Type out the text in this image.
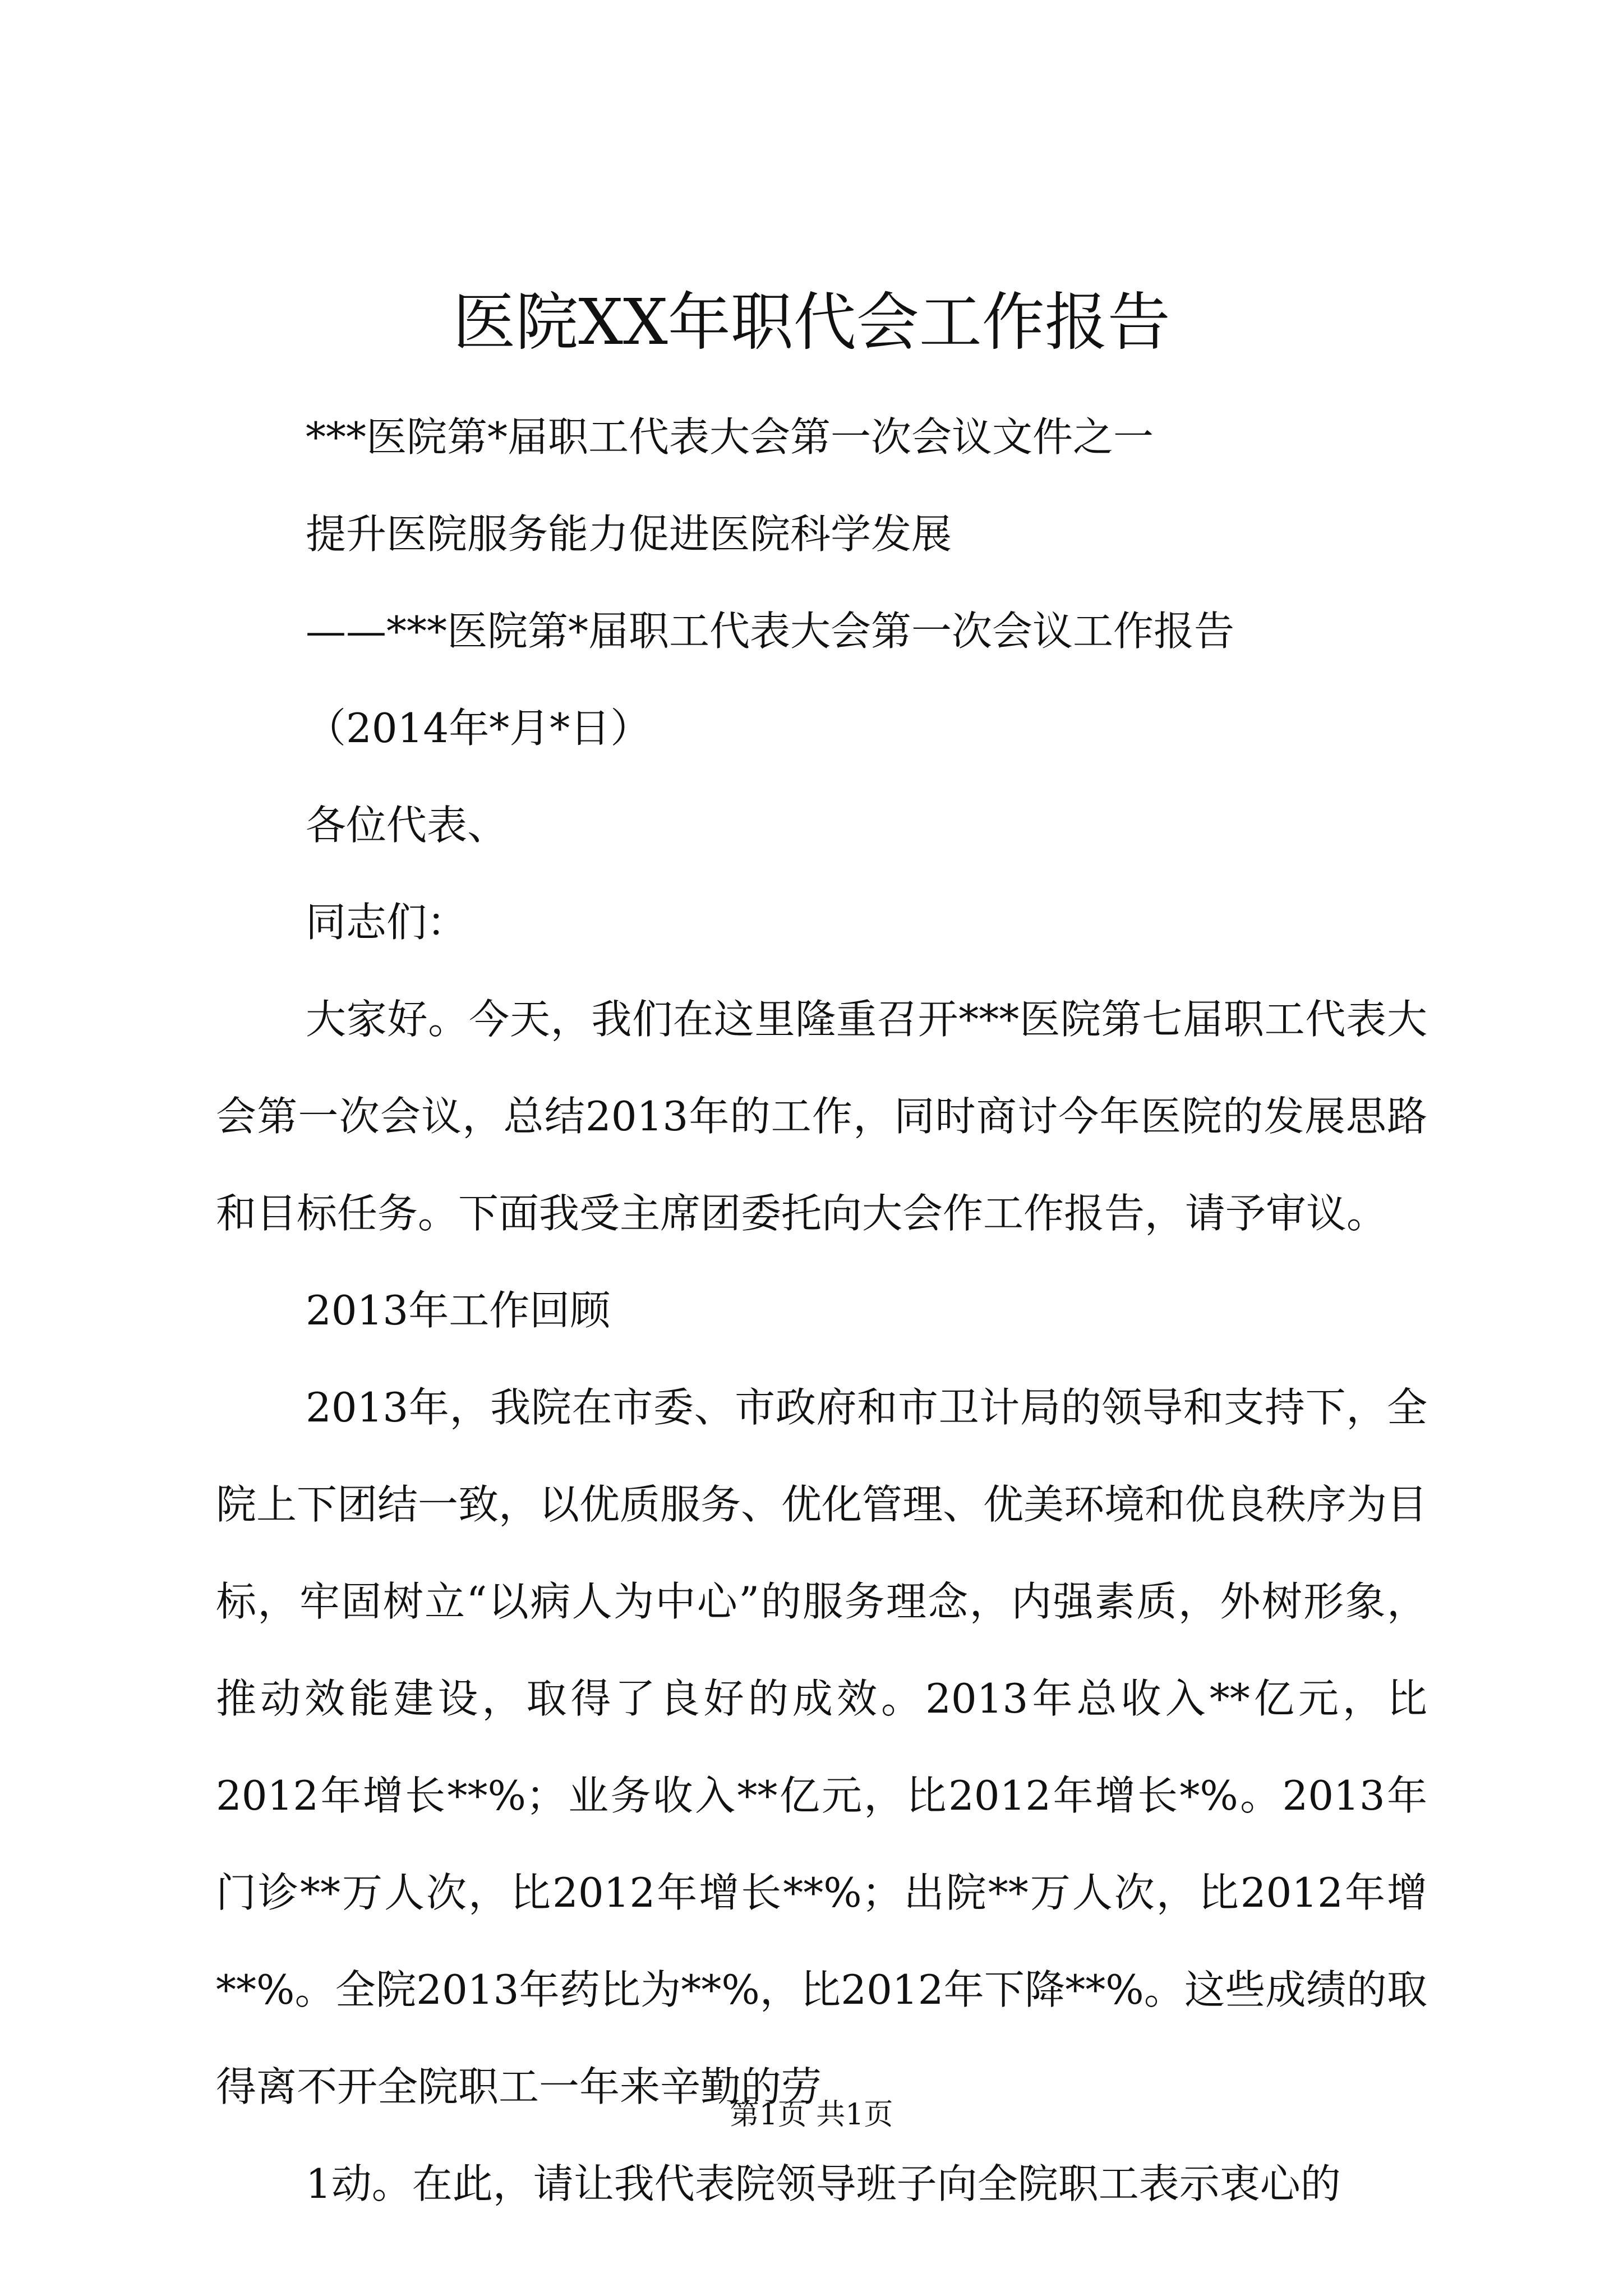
医院XX年职代会工作报告

***医院第*届职工代表大会第一次会议文件之一

提升医院服务能力促进医院科学发展

——***医院第*届职工代表大会第一次会议工作报告

（2014年*月*日）

各位代表、

同志们：

大家好。今天，我们在这里隆重召开***医院第七届职工代表大会第一次会议，总结2013年的工作，同时商讨今年医院的发展思路和目标任务。下面我受主席团委托向大会作工作报告，请予审议。

2013年工作回顾

2013年，我院在市委、市政府和市卫计局的领导和支持下，全院上下团结一致，以优质服务、优化管理、优美环境和优良秩序为目标，牢固树立“以病人为中心”的服务理念，内强素质，外树形象，推动效能建设，取得了良好的成效。2013年总收入**亿元，比2012年增长**%；业务收入**亿元，比2012年增长*%。2013年门诊**万人次，比2012年增长**%；出院**万人次，比2012年增**%。全院2013年药比为**%，比2012年下降**%。这些成绩的取得离不开全院职工一年来辛勤的劳

1动。在此，请让我代表院领导班子向全院职工表示衷心的

第1页 共1页
